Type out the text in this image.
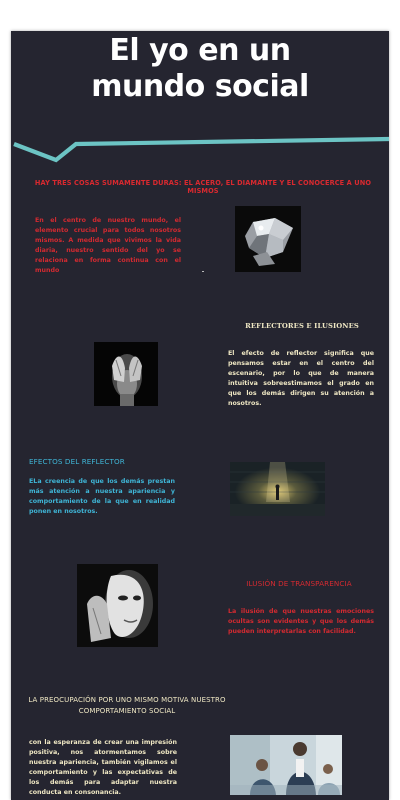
El yo en un
mundo social
HAY TRES COSAS SUMAMENTE DURAS: EL ACERO, EL DIAMANTE Y EL CONOCERCE A UNO MISMOS
En el centro de nuestro mundo, el elemento crucial para todos nosotros mismos. A medida que vivimos la vida diaria, nuestro sentido del yo se relaciona en forma continua con el mundo
REFLECTORES E ILUSIONES
El efecto de reflector significa que pensamos estar en el centro del escenario, por lo que de manera intuitiva sobreestimamos el grado en que los demás dirigen su atención a nosotros.
EFECTOS DEL REFLECTOR
ELa creencia de que los demás prestan más atención a nuestra apariencia y comportamiento de la que en realidad ponen en nosotros.
ILUSIÓN DE TRANSPARENCIA
La ilusión de que nuestras emociones ocultas son evidentes y que los demás pueden interpretarlas con facilidad.
LA PREOCUPACIÓN POR UNO MISMO MOTIVA NUESTRO
COMPORTAMIENTO SOCIAL
con la esperanza de crear una impresión positiva, nos atormentamos sobre nuestra apariencia, también vigilamos el comportamiento y las expectativas de los demás para adaptar nuestra conducta en consonancia.
